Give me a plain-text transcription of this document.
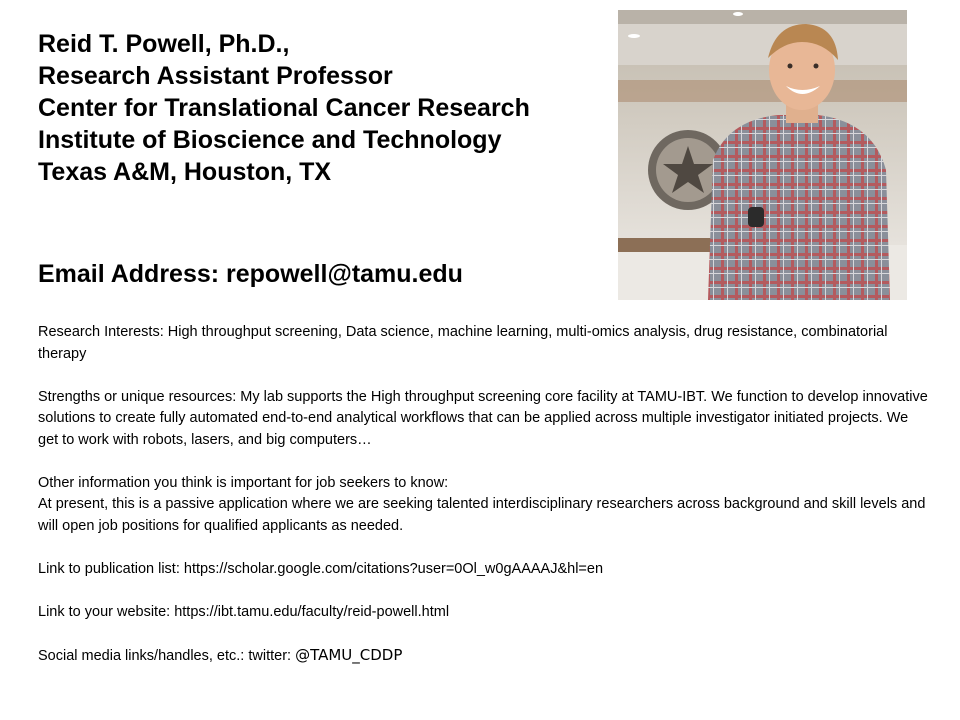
Reid T. Powell, Ph.D.,
Research Assistant Professor
Center for Translational Cancer Research
Institute of Bioscience and Technology
Texas A&M, Houston, TX
Email Address: repowell@tamu.edu

Research Interests: High throughput screening, Data science, machine learning, multi-omics analysis, drug resistance, combinatorial therapy

Strengths or unique resources: My lab supports the High throughput screening core facility at TAMU-IBT. We function to develop innovative solutions to create fully automated end-to-end analytical workflows that can be applied across multiple investigator initiated projects. We get to work with robots, lasers, and big computers…

Other information you think is important for job seekers to know:
At present, this is a passive application where we are seeking talented interdisciplinary researchers across background and skill levels and will open job positions for qualified applicants as needed.

Link to publication list: https://scholar.google.com/citations?user=0Ol_w0gAAAAJ&hl=en

Link to your website: https://ibt.tamu.edu/faculty/reid-powell.html

Social media links/handles, etc.: twitter: @TAMU_CDDP
